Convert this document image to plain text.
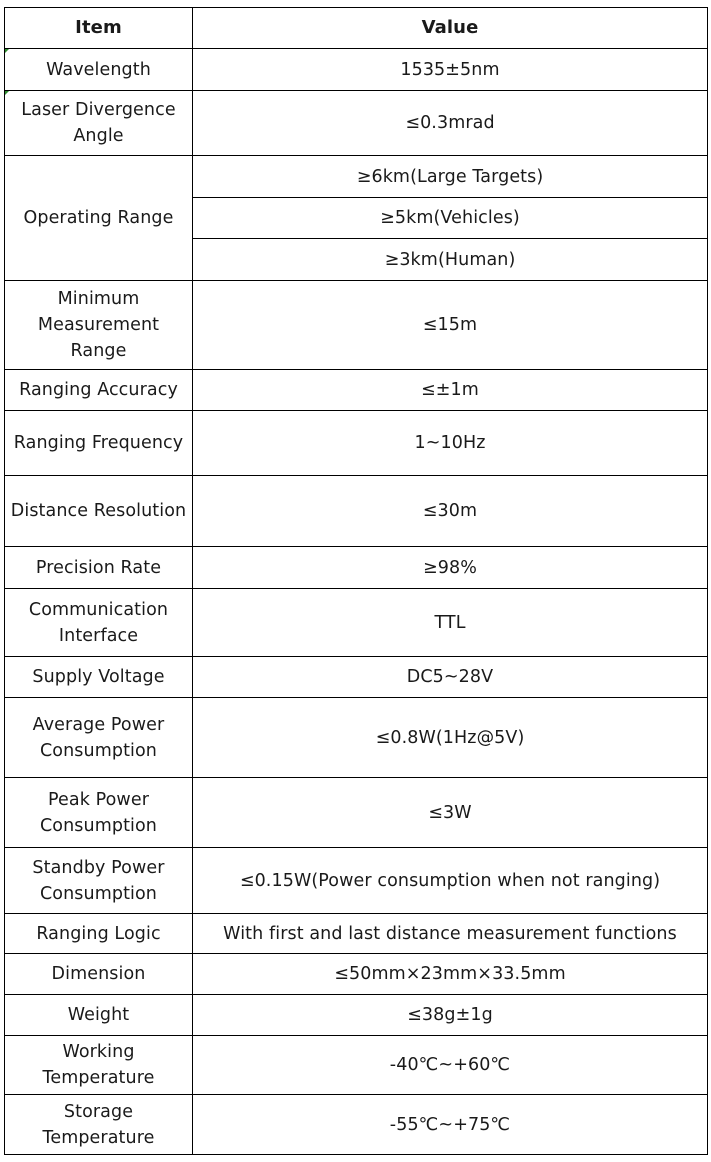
Item	Value
Wavelength	1535±5nm
Laser Divergence Angle	≤0.3mrad
Operating Range	≥6km(Large Targets)
	≥5km(Vehicles)
	≥3km(Human)
Minimum Measurement Range	≤15m
Ranging Accuracy	≤±1m
Ranging Frequency	1~10Hz
Distance Resolution	≤30m
Precision Rate	≥98%
Communication Interface	TTL
Supply Voltage	DC5~28V
Average Power Consumption	≤0.8W(1Hz@5V)
Peak Power Consumption	≤3W
Standby Power Consumption	≤0.15W(Power consumption when not ranging)
Ranging Logic	With first and last distance measurement functions
Dimension	≤50mm×23mm×33.5mm
Weight	≤38g±1g
Working Temperature	-40℃~+60℃
Storage Temperature	-55℃~+75℃
